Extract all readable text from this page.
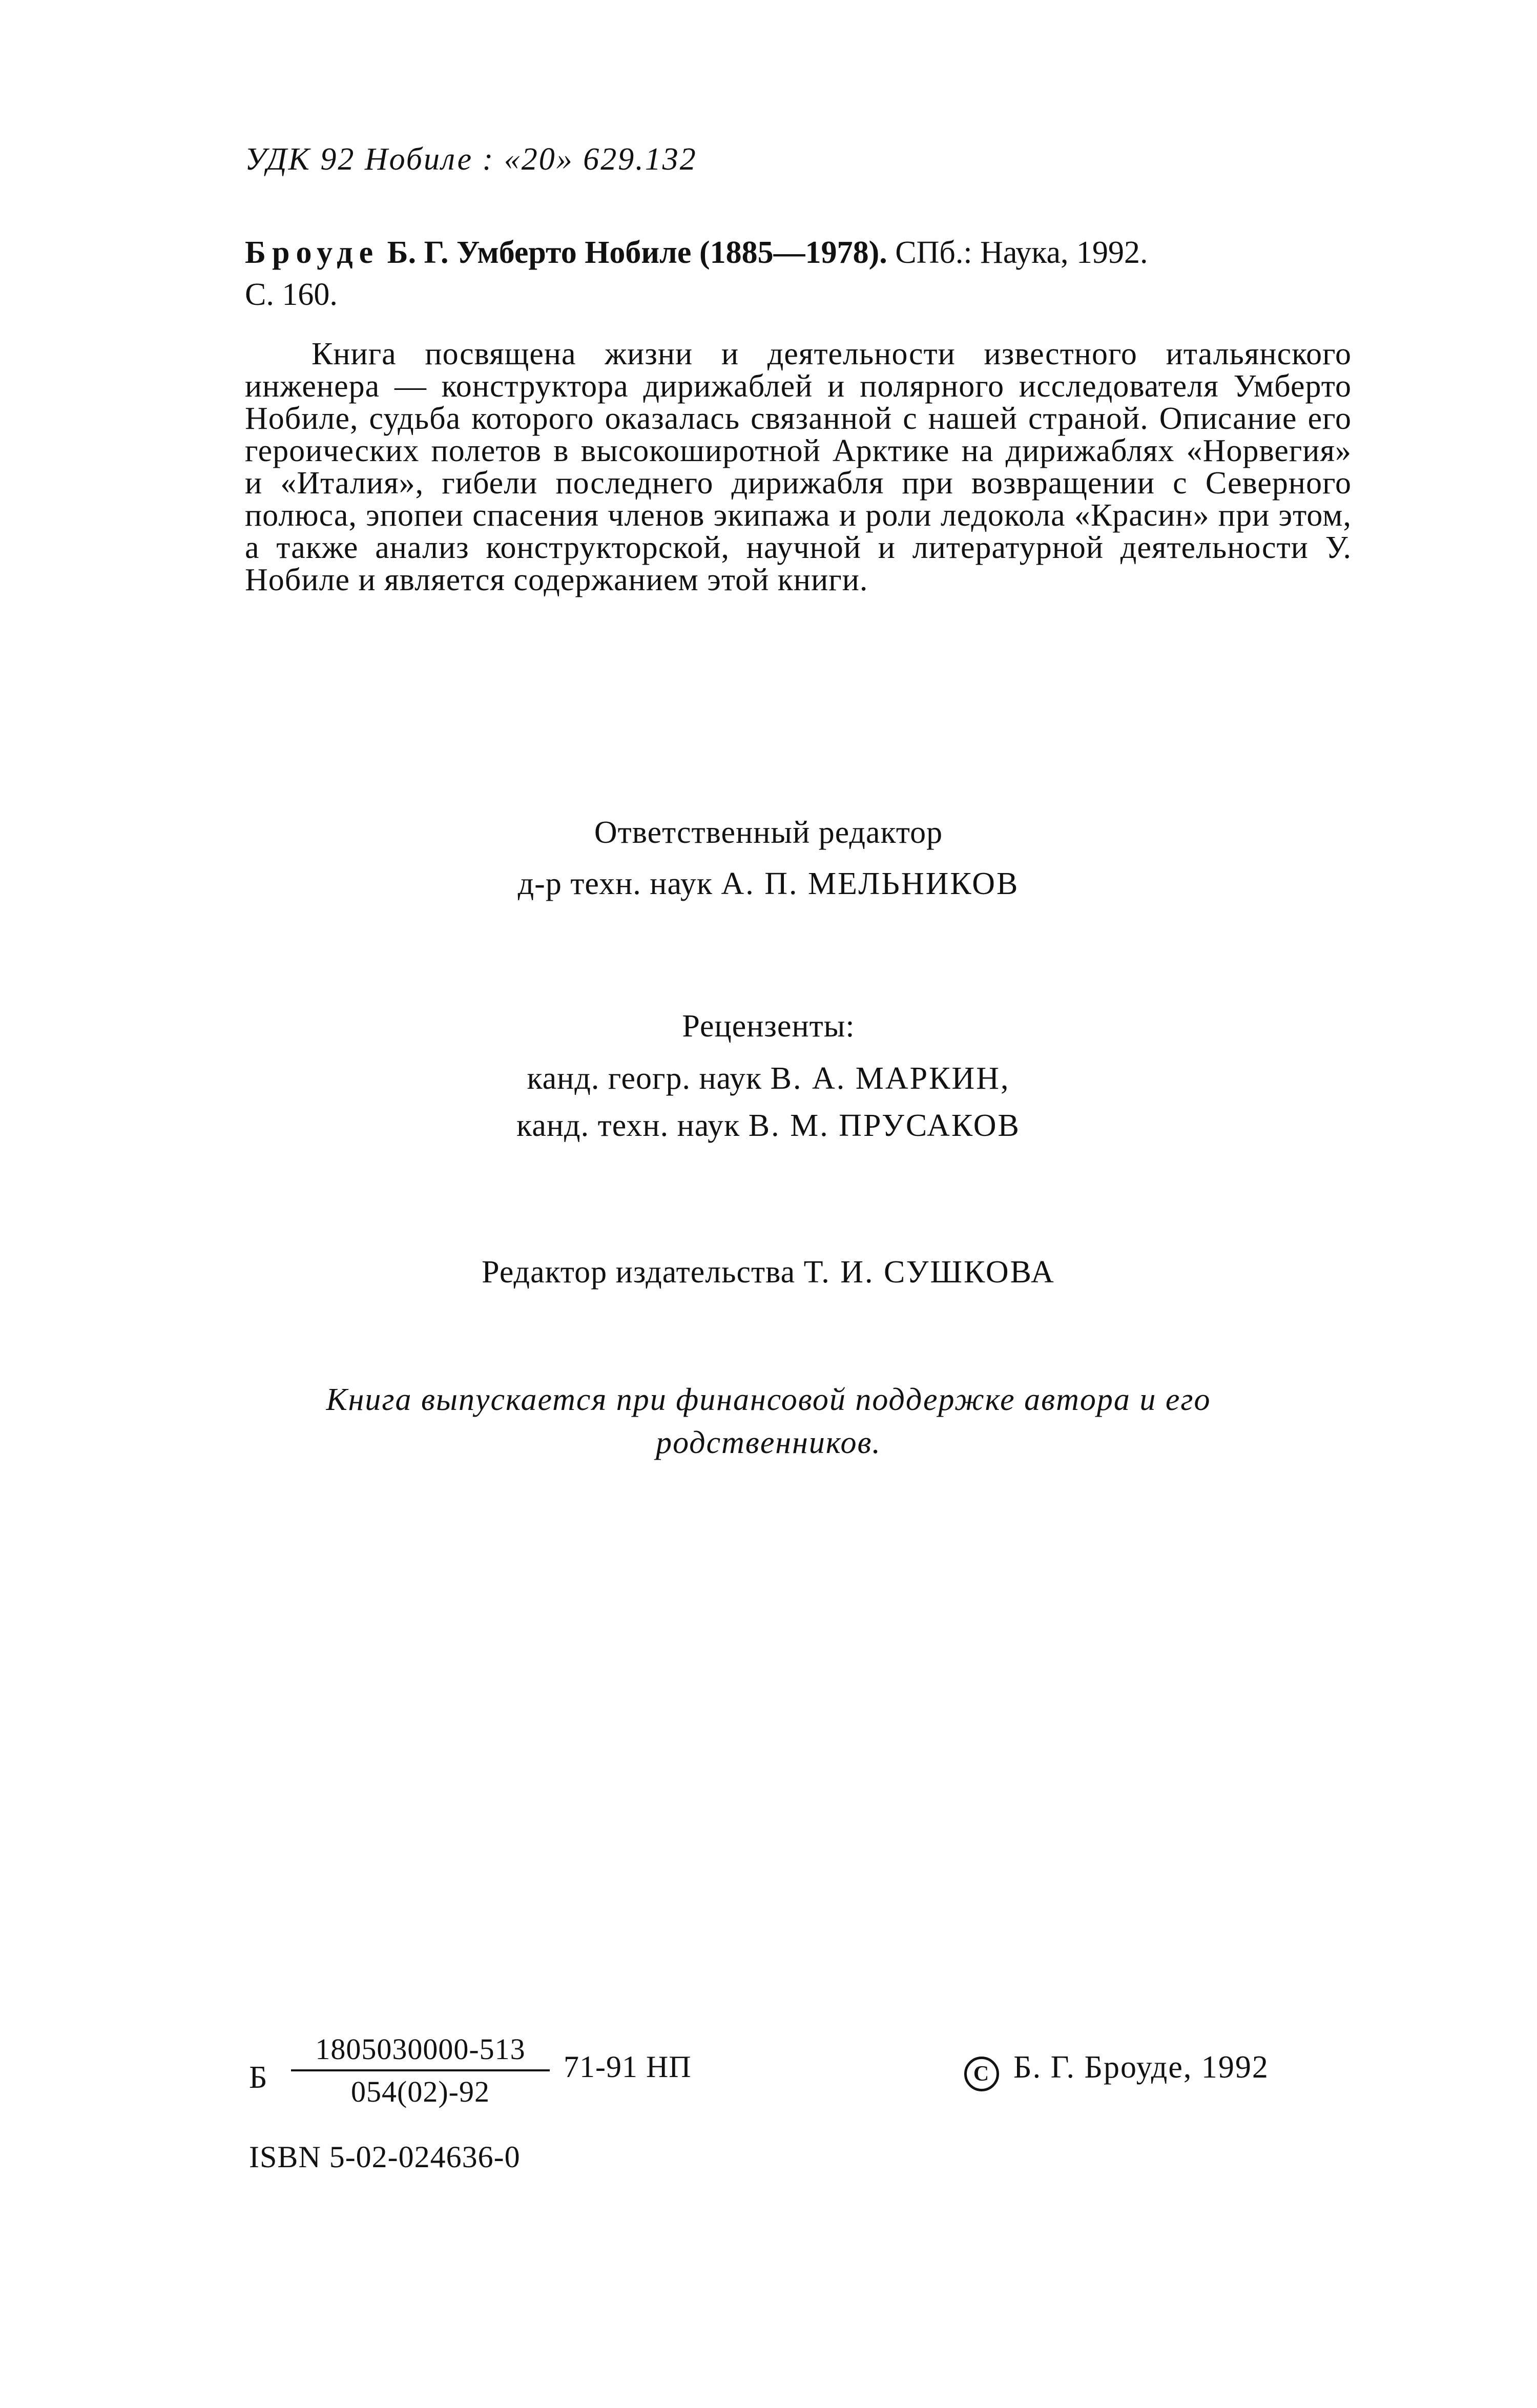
УДК 92 Нобиле : «20» 629.132
Броуде Б. Г. Умберто Нобиле (1885—1978). СПб.: Наука, 1992.
С. 160.
Книга посвящена жизни и деятельности известного итальянского инженера — конструктора дирижаблей и полярного исследователя Умберто Нобиле, судьба которого оказалась связанной с нашей страной. Описание его героических полетов в высокоширотной Арктике на дирижаблях «Норвегия» и «Италия», гибели последнего дирижабля при возвращении с Северного полюса, эпопеи спасения членов экипажа и роли ледокола «Красин» при этом, а также анализ конструкторской, научной и литературной деятельности У. Нобиле и является содержанием этой книги.
Ответственный редактор
д-р техн. наук А. П. МЕЛЬНИКОВ
Рецензенты:
канд. геогр. наук В. А. МАРКИН,
канд. техн. наук В. М. ПРУСАКОВ
Редактор издательства Т. И. СУШКОВА
Книга выпускается при финансовой поддержке автора и его
родственников.
Б $\frac{1805030000-513}{054(02)-92} 71-91$ НП	C Б. Г. Броуде, 1992
ISBN 5-02-024636-0
